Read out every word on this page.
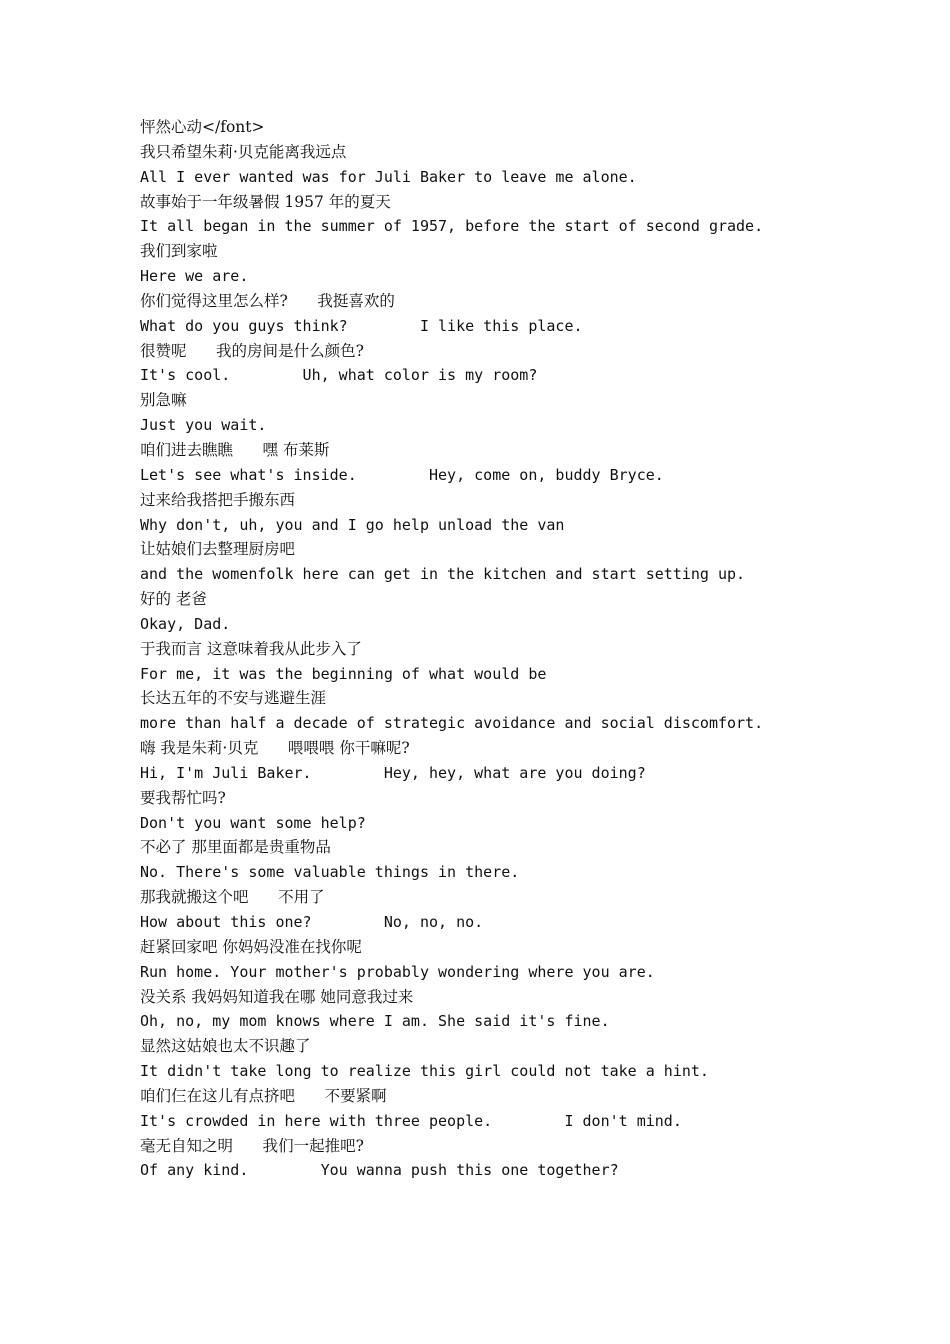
怦然心动</font>
我只希望朱莉·贝克能离我远点
All I ever wanted was for Juli Baker to leave me alone.
故事始于一年级暑假 1957 年的夏天
It all began in the summer of 1957, before the start of second grade.
我们到家啦
Here we are.
你们觉得这里怎么样?      我挺喜欢的
What do you guys think?        I like this place.
很赞呢      我的房间是什么颜色?
It's cool.        Uh, what color is my room?
别急嘛
Just you wait.
咱们进去瞧瞧      嘿 布莱斯
Let's see what's inside.        Hey, come on, buddy Bryce.
过来给我搭把手搬东西
Why don't, uh, you and I go help unload the van
让姑娘们去整理厨房吧
and the womenfolk here can get in the kitchen and start setting up.
好的 老爸
Okay, Dad.
于我而言 这意味着我从此步入了
For me, it was the beginning of what would be
长达五年的不安与逃避生涯
more than half a decade of strategic avoidance and social discomfort.
嗨 我是朱莉·贝克      喂喂喂 你干嘛呢?
Hi, I'm Juli Baker.        Hey, hey, what are you doing?
要我帮忙吗?
Don't you want some help?
不必了 那里面都是贵重物品
No. There's some valuable things in there.
那我就搬这个吧      不用了
How about this one?        No, no, no.
赶紧回家吧 你妈妈没准在找你呢
Run home. Your mother's probably wondering where you are.
没关系 我妈妈知道我在哪 她同意我过来
Oh, no, my mom knows where I am. She said it's fine.
显然这姑娘也太不识趣了
It didn't take long to realize this girl could not take a hint.
咱们仨在这儿有点挤吧      不要紧啊
It's crowded in here with three people.        I don't mind.
毫无自知之明      我们一起推吧?
Of any kind.        You wanna push this one together?
